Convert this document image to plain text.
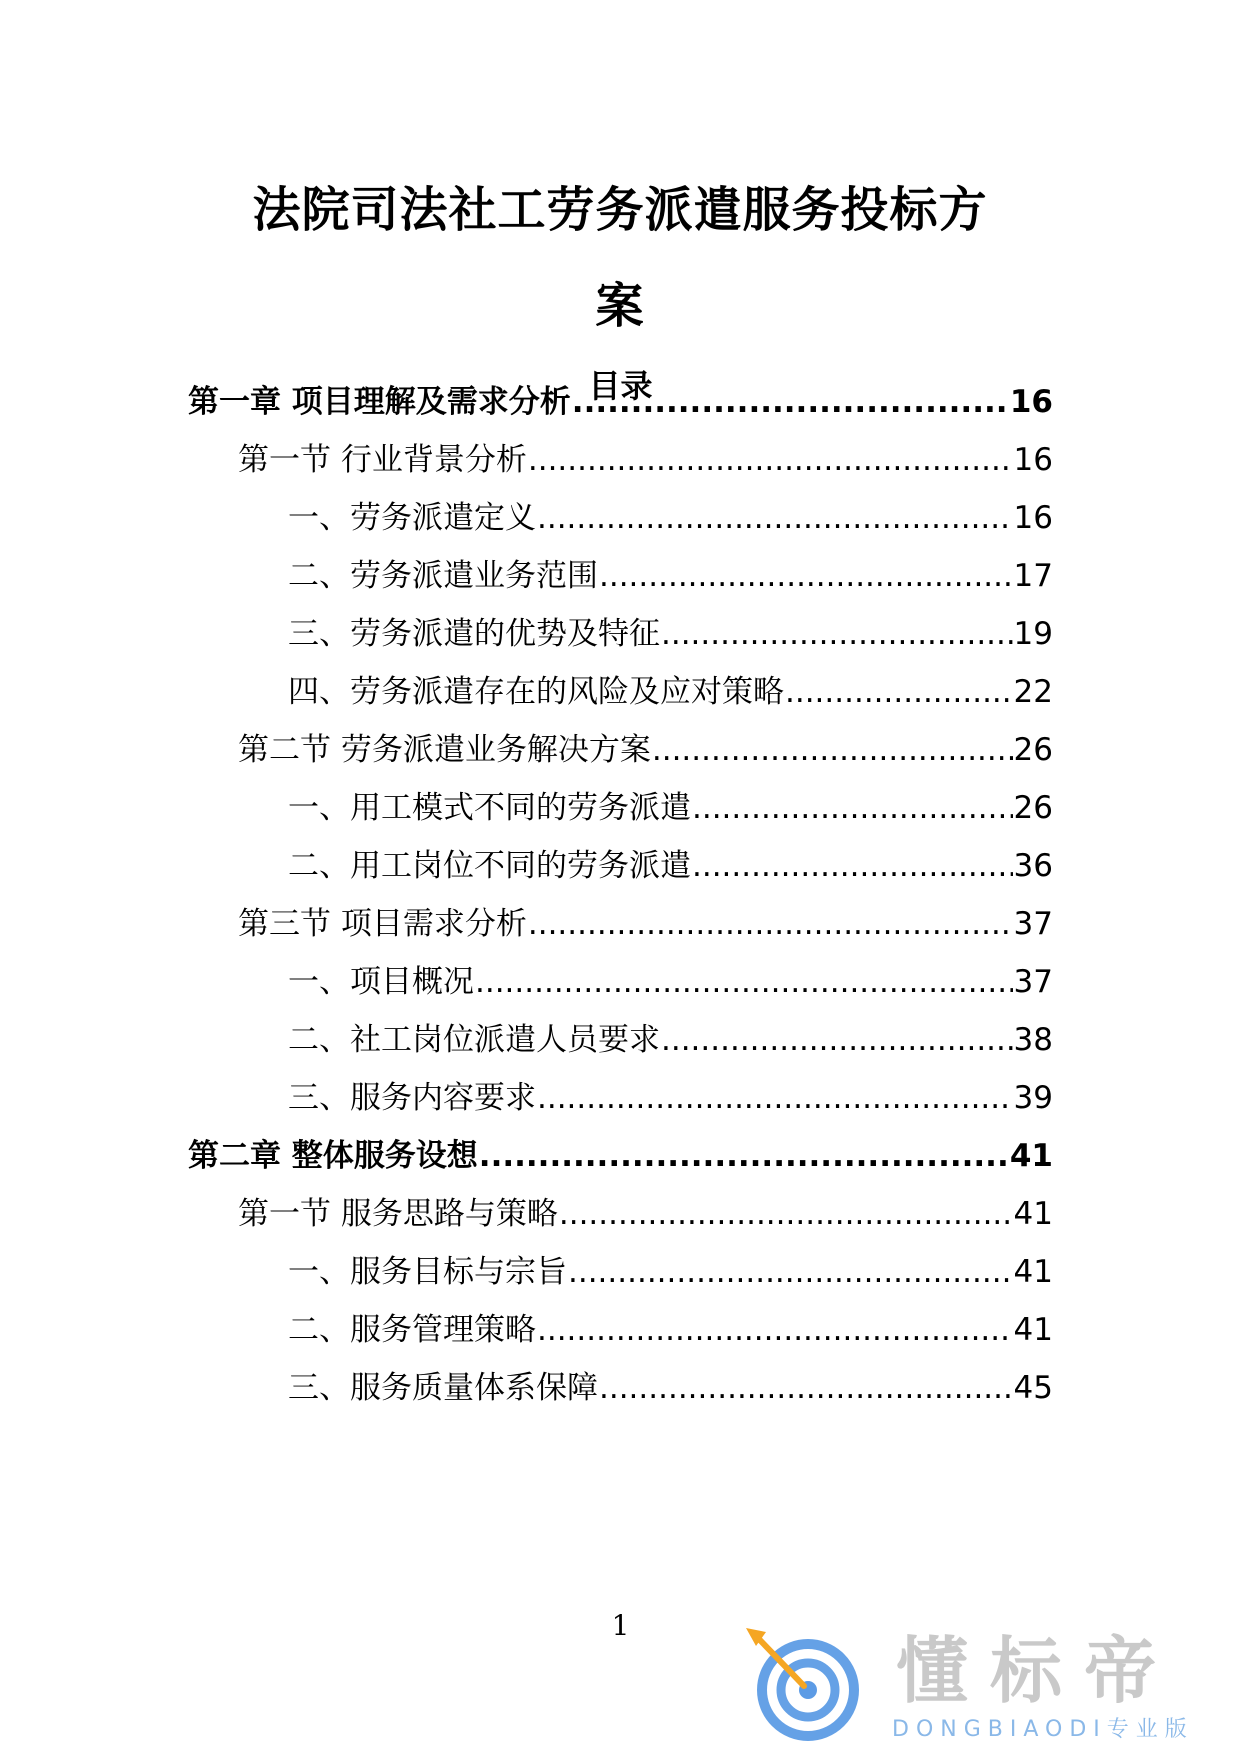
法院司法社工劳务派遣服务投标方
案
目录
第一章 项目理解及需求分析 .....	16
第一节 行业背景分析 .....	16
一、劳务派遣定义 .....	16
二、劳务派遣业务范围 .....	17
三、劳务派遣的优势及特征 .....	19
四、劳务派遣存在的风险及应对策略 .....	22
第二节 劳务派遣业务解决方案 .....	26
一、用工模式不同的劳务派遣 .....	26
二、用工岗位不同的劳务派遣 .....	36
第三节 项目需求分析 .....	37
一、项目概况 .....	37
二、社工岗位派遣人员要求 .....	38
三、服务内容要求 .....	39
第二章 整体服务设想 .....	41
第一节 服务思路与策略 .....	41
一、服务目标与宗旨 .....	41
二、服务管理策略 .....	41
三、服务质量体系保障 .....	45
1
懂标帝
DONGBIAODI专业版
